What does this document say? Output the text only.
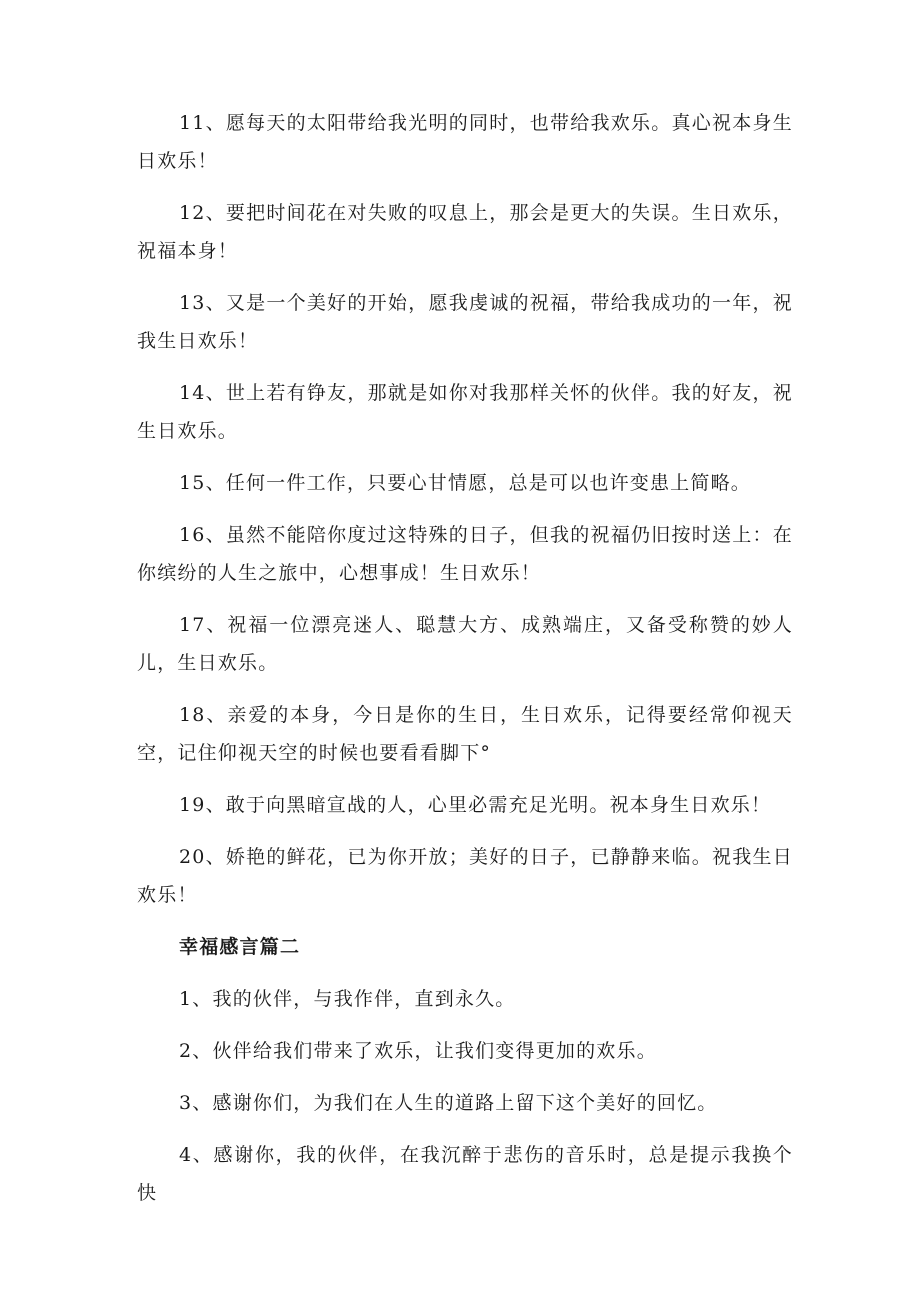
11、愿每天的太阳带给我光明的同时，也带给我欢乐。真心祝本身生日欢乐！

12、要把时间花在对失败的叹息上，那会是更大的失误。生日欢乐，祝福本身！

13、又是一个美好的开始，愿我虔诚的祝福，带给我成功的一年，祝我生日欢乐！

14、世上若有铮友，那就是如你对我那样关怀的伙伴。我的好友，祝生日欢乐。

15、任何一件工作，只要心甘情愿，总是可以也许变患上简略。

16、虽然不能陪你度过这特殊的日子，但我的祝福仍旧按时送上：在你缤纷的人生之旅中，心想事成！生日欢乐！

17、祝福一位漂亮迷人、聪慧大方、成熟端庄，又备受称赞的妙人儿，生日欢乐。

18、亲爱的本身，今日是你的生日，生日欢乐，记得要经常仰视天空，记住仰视天空的时候也要看看脚下°

19、敢于向黑暗宣战的人，心里必需充足光明。祝本身生日欢乐！

20、娇艳的鲜花，已为你开放；美好的日子，已静静来临。祝我生日欢乐！

幸福感言篇二

1、我的伙伴，与我作伴，直到永久。

2、伙伴给我们带来了欢乐，让我们变得更加的欢乐。

3、感谢你们，为我们在人生的道路上留下这个美好的回忆。

4、感谢你，我的伙伴，在我沉醉于悲伤的音乐时，总是提示我换个快
